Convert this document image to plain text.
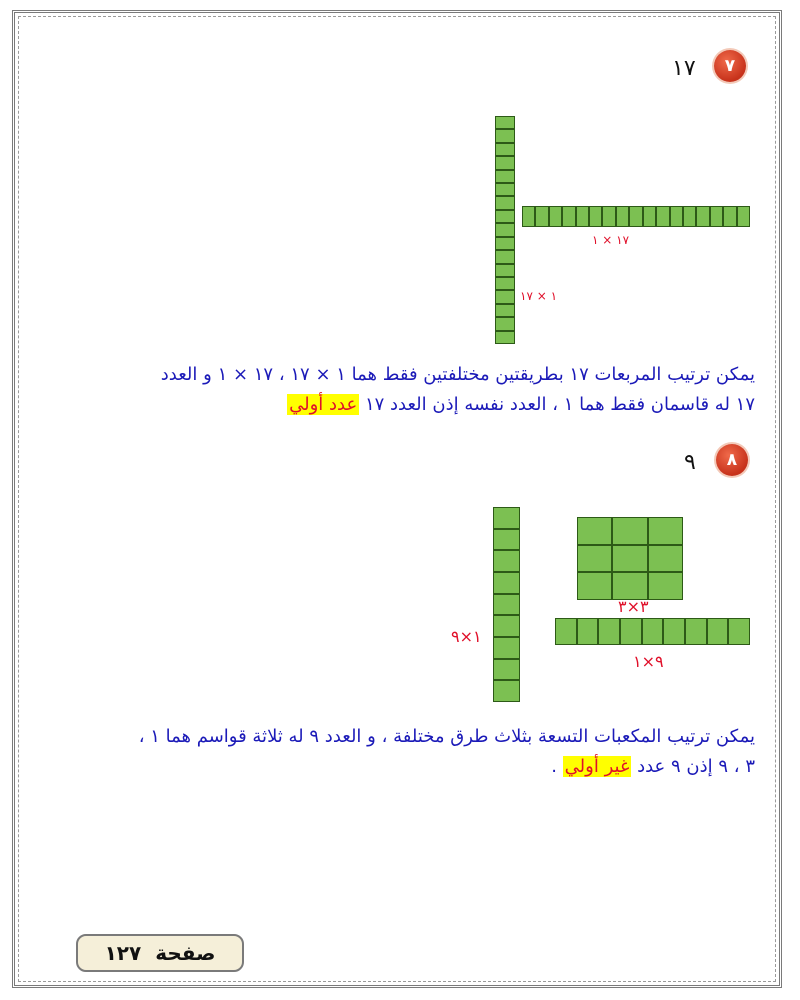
٧
١٧
١٧ × ١
١ × ١٧
يمكن ترتيب المربعات ١٧ بطريقتين مختلفتين فقط هما ١ × ١٧ ، ١٧ × ١ و العدد
١٧ له قاسمان فقط هما ١ ، العدد نفسه إذن العدد ١٧ عدد أولي
٨
٩
١×٩
٣×٣
٩×١
يمكن ترتيب المكعبات التسعة بثلاث طرق مختلفة ، و العدد ٩ له ثلاثة قواسم هما ١ ،
٣ ، ٩ إذن ٩ عدد غير أولي .
صفحة
١٢٧
